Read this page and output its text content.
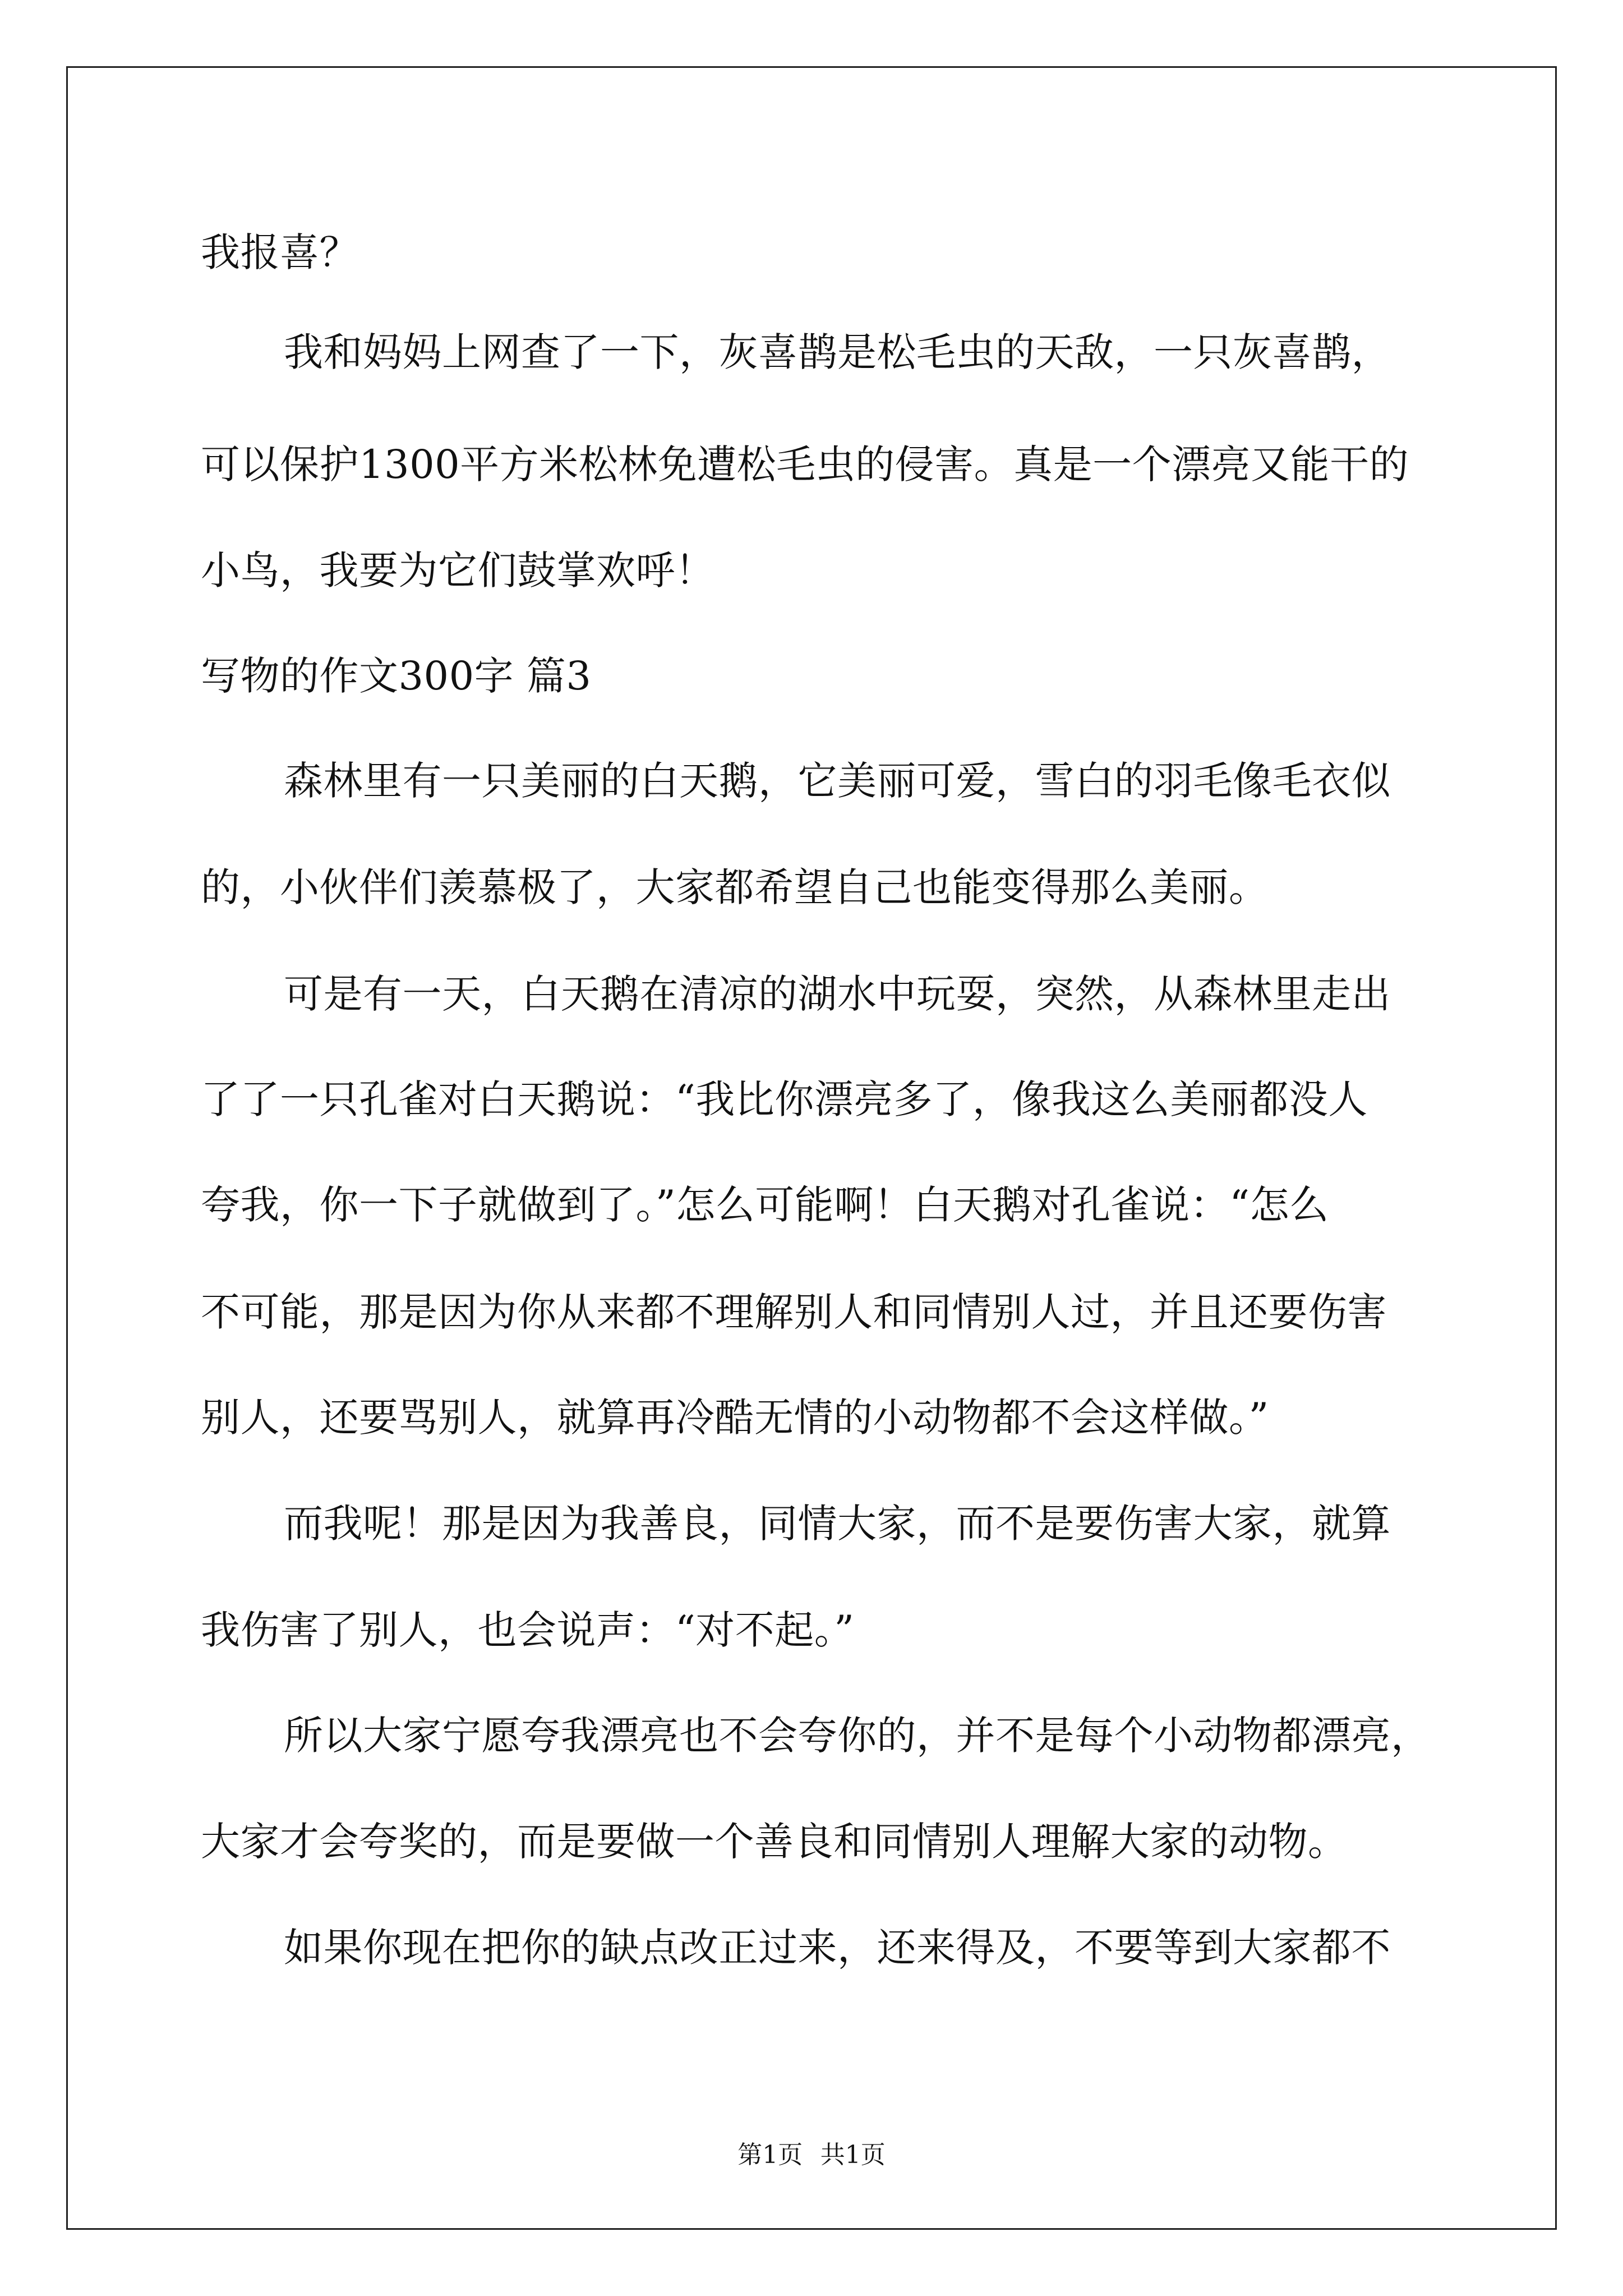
我报喜？
我和妈妈上网查了一下，灰喜鹊是松毛虫的天敌，一只灰喜鹊，
可以保护1300平方米松林免遭松毛虫的侵害。真是一个漂亮又能干的
小鸟，我要为它们鼓掌欢呼！
写物的作文300字 篇3
森林里有一只美丽的白天鹅，它美丽可爱，雪白的羽毛像毛衣似
的，小伙伴们羡慕极了，大家都希望自己也能变得那么美丽。
可是有一天，白天鹅在清凉的湖水中玩耍，突然，从森林里走出
了了一只孔雀对白天鹅说：“我比你漂亮多了，像我这么美丽都没人
夸我，你一下子就做到了。”怎么可能啊！白天鹅对孔雀说：“怎么
不可能，那是因为你从来都不理解别人和同情别人过，并且还要伤害
别人，还要骂别人，就算再冷酷无情的小动物都不会这样做。”
而我呢！那是因为我善良，同情大家，而不是要伤害大家，就算
我伤害了别人，也会说声：“对不起。”
所以大家宁愿夸我漂亮也不会夸你的，并不是每个小动物都漂亮，
大家才会夸奖的，而是要做一个善良和同情别人理解大家的动物。
如果你现在把你的缺点改正过来，还来得及，不要等到大家都不
第1页 共1页
